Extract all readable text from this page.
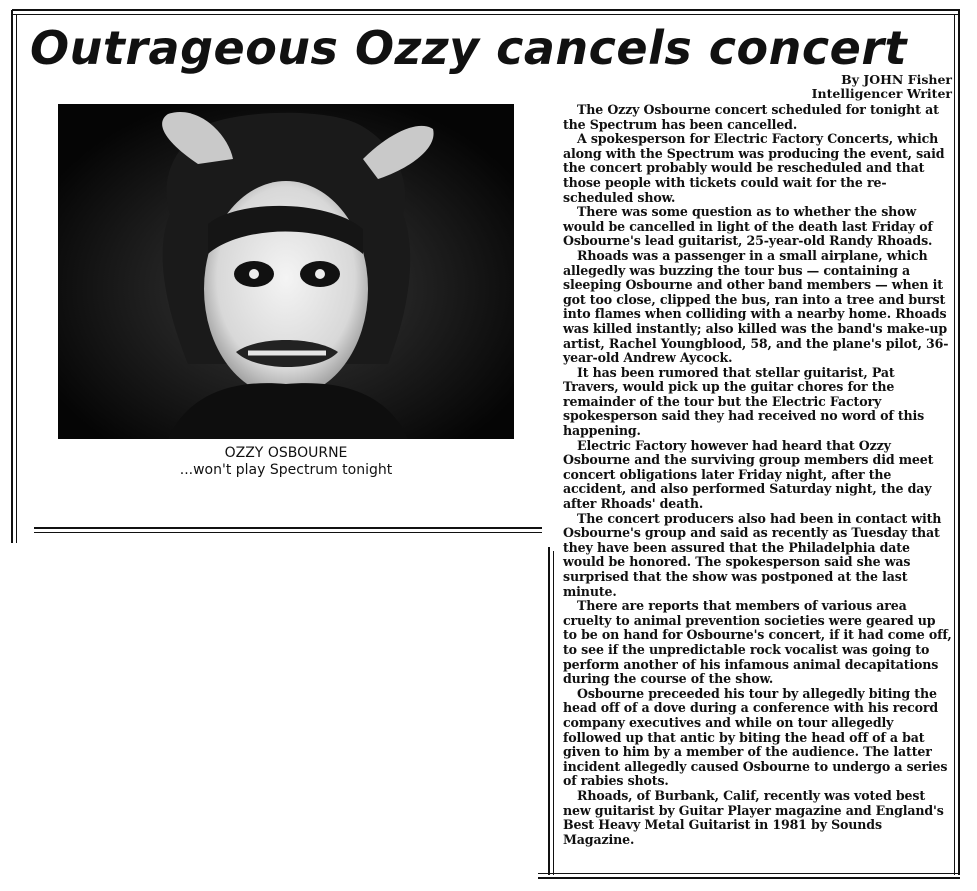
Outrageous Ozzy cancels concert
By JOHN Fisher
Intelligencer Writer
OZZY OSBOURNE
...won't play Spectrum tonight

The Ozzy Osbourne concert scheduled for tonight at the Spectrum has been cancelled.

A spokesperson for Electric Factory Concerts, which along with the Spectrum was producing the event, said the concert probably would be rescheduled and that those people with tickets could wait for the re-scheduled show.

There was some question as to whether the show would be cancelled in light of the death last Friday of Osbourne's lead guitarist, 25-year-old Randy Rhoads.

Rhoads was a passenger in a small airplane, which allegedly was buzzing the tour bus — containing a sleeping Osbourne and other band members — when it got too close, clipped the bus, ran into a tree and burst into flames when colliding with a nearby home. Rhoads was killed instantly; also killed was the band's make-up artist, Rachel Youngblood, 58, and the plane's pilot, 36-year-old Andrew Aycock.

It has been rumored that stellar guitarist, Pat Travers, would pick up the guitar chores for the remainder of the tour but the Electric Factory spokesperson said they had received no word of this happening.

Electric Factory however had heard that Ozzy Osbourne and the surviving group members did meet concert obligations later Friday night, after the accident, and also performed Saturday night, the day after Rhoads' death.

The concert producers also had been in contact with Osbourne's group and said as recently as Tuesday that they have been assured that the Philadelphia date would be honored. The spokesperson said she was surprised that the show was postponed at the last minute.

There are reports that members of various area cruelty to animal prevention societies were geared up to be on hand for Osbourne's concert, if it had come off, to see if the unpredictable rock vocalist was going to perform another of his infamous animal decapitations during the course of the show.

Osbourne preceeded his tour by allegedly biting the head off of a dove during a conference with his record company executives and while on tour allegedly followed up that antic by biting the head off of a bat given to him by a member of the audience. The latter incident allegedly caused Osbourne to undergo a series of rabies shots.

Rhoads, of Burbank, Calif, recently was voted best new guitarist by Guitar Player magazine and England's Best Heavy Metal Guitarist in 1981 by Sounds Magazine.
